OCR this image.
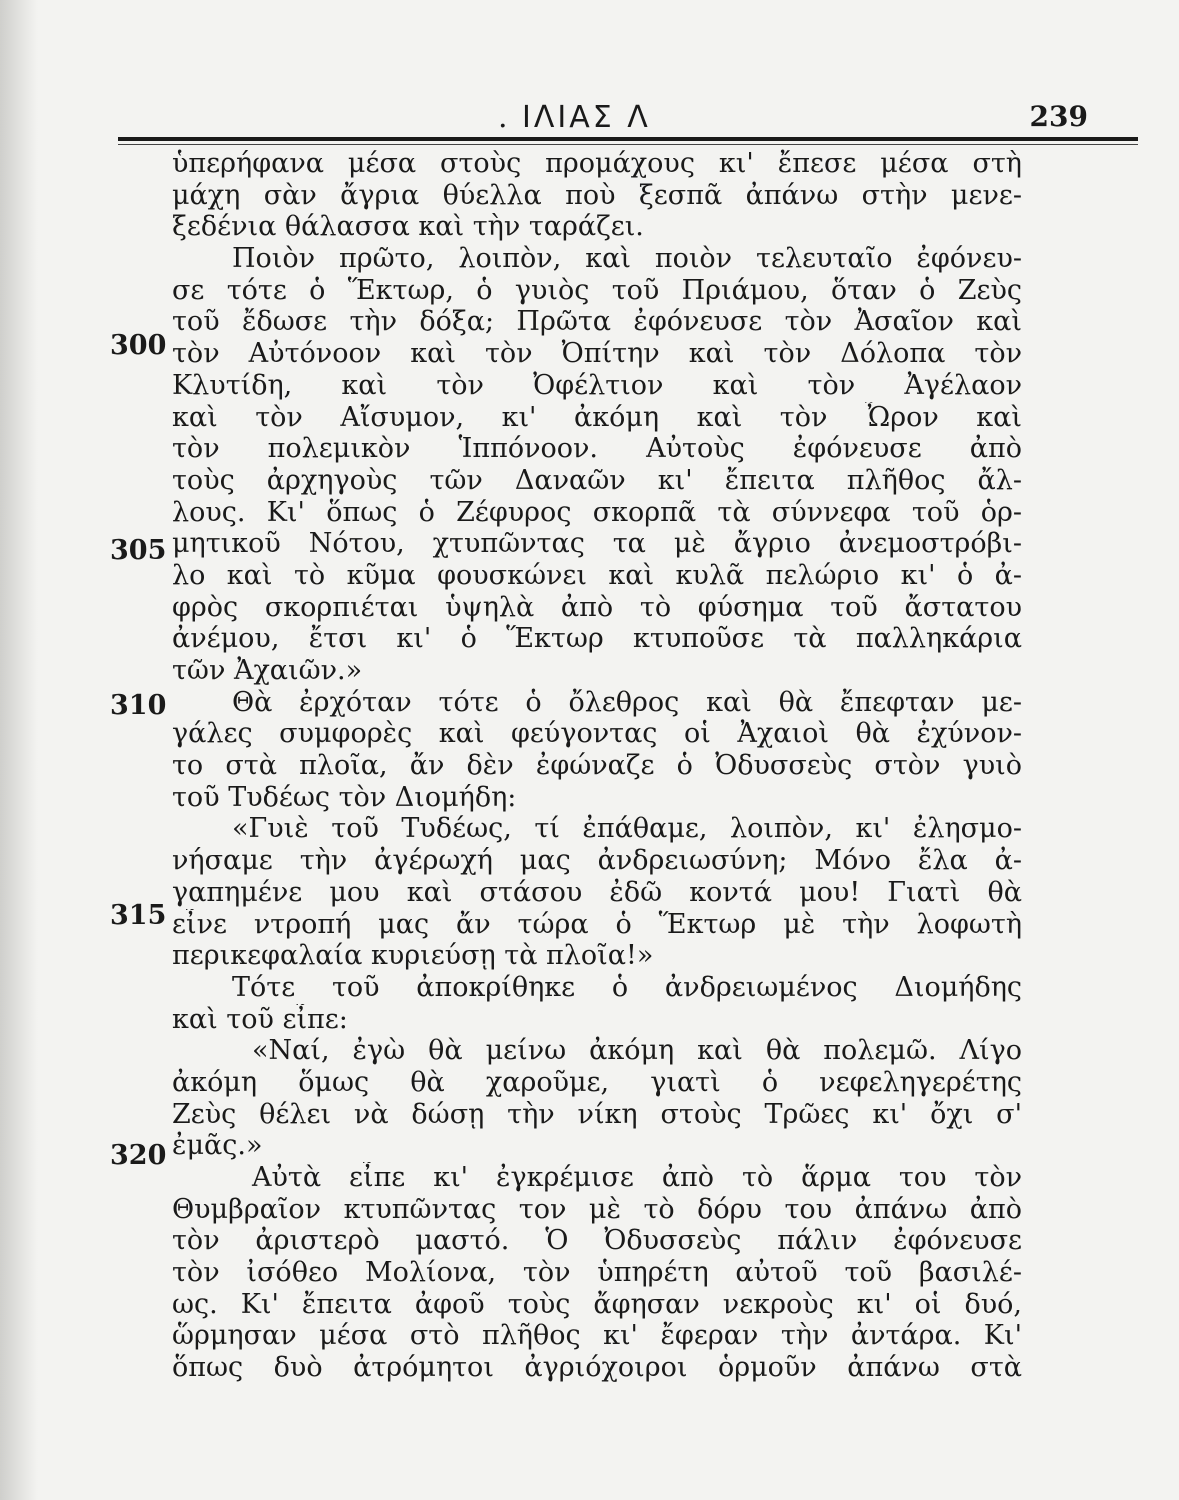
. ΙΛΙΑΣ Λ	239
300
305
310
315
320
ὑπερήφανα μέσα στοὺς προμάχους κι' ἔπεσε μέσα στὴ
μάχη σὰν ἄγρια θύελλα ποὺ ξεσπᾶ ἀπάνω στὴν μενε-
ξεδένια θάλασσα καὶ τὴν ταράζει.
Ποιὸν πρῶτο, λοιπὸν, καὶ ποιὸν τελευταῖο ἐφόνευ-
σε τότε ὁ Ἕκτωρ, ὁ γυιὸς τοῦ Πριάμου, ὅταν ὁ Ζεὺς
τοῦ ἔδωσε τὴν δόξα; Πρῶτα ἐφόνευσε τὸν Ἀσαῖον καὶ
τὸν Αὐτόνοον καὶ τὸν Ὀπίτην καὶ τὸν Δόλοπα τὸν
Κλυτίδη, καὶ τὸν Ὀφέλτιον καὶ τὸν Ἀγέλαον
καὶ τὸν Αἴσυμον, κι' ἀκόμη καὶ τὸν Ὦρον καὶ
τὸν πολεμικὸν Ἱππόνοον. Αὐτοὺς ἐφόνευσε ἀπὸ
τοὺς ἀρχηγοὺς τῶν Δαναῶν κι' ἔπειτα πλῆθος ἄλ-
λους. Κι' ὅπως ὁ Ζέφυρος σκορπᾶ τὰ σύννεφα τοῦ ὁρ-
μητικοῦ Νότου, χτυπῶντας τα μὲ ἄγριο ἀνεμοστρόβι-
λο καὶ τὸ κῦμα φουσκώνει καὶ κυλᾶ πελώριο κι' ὁ ἀ-
φρὸς σκορπιέται ὑψηλὰ ἀπὸ τὸ φύσημα τοῦ ἄστατου
ἀνέμου, ἔτσι κι' ὁ Ἕκτωρ κτυποῦσε τὰ παλληκάρια
τῶν Ἀχαιῶν.»
Θὰ ἐρχόταν τότε ὁ ὄλεθρος καὶ θὰ ἔπεφταν με-
γάλες συμφορὲς καὶ φεύγοντας οἱ Ἀχαιοὶ θὰ ἐχύνον-
το στὰ πλοῖα, ἄν δὲν ἐφώναζε ὁ Ὀδυσσεὺς στὸν γυιὸ
τοῦ Τυδέως τὸν Διομήδη:
«Γυιὲ τοῦ Τυδέως, τί ἐπάθαμε, λοιπὸν, κι' ἐλησμο-
νήσαμε τὴν ἀγέρωχή μας ἀνδρειωσύνη; Μόνο ἔλα ἀ-
γαπημένε μου καὶ στάσου ἐδῶ κοντά μου! Γιατὶ θὰ
εἶνε ντροπή μας ἄν τώρα ὁ Ἕκτωρ μὲ τὴν λοφωτὴ
περικεφαλαία κυριεύσῃ τὰ πλοῖα!»
Τότε τοῦ ἀποκρίθηκε ὁ ἀνδρειωμένος Διομήδης
καὶ τοῦ εἶπε:
«Ναί, ἐγὼ θὰ μείνω ἀκόμη καὶ θὰ πολεμῶ. Λίγο
ἀκόμη ὅμως θὰ χαροῦμε, γιατὶ ὁ νεφεληγερέτης
Ζεὺς θέλει νὰ δώσῃ τὴν νίκη στοὺς Τρῶες κι' ὄχι σ'
ἐμᾶς.»
Αὐτὰ εἶπε κι' ἐγκρέμισε ἀπὸ τὸ ἅρμα του τὸν
Θυμβραῖον κτυπῶντας τον μὲ τὸ δόρυ του ἀπάνω ἀπὸ
τὸν ἀριστερὸ μαστό. Ὁ Ὀδυσσεὺς πάλιν ἐφόνευσε
τὸν ἰσόθεο Μολίονα, τὸν ὑπηρέτη αὐτοῦ τοῦ βασιλέ-
ως. Κι' ἔπειτα ἀφοῦ τοὺς ἄφησαν νεκροὺς κι' οἱ δυό,
ὥρμησαν μέσα στὸ πλῆθος κι' ἔφεραν τὴν ἀντάρα. Κι'
ὅπως δυὸ ἀτρόμητοι ἀγριόχοιροι ὁρμοῦν ἀπάνω στὰ
